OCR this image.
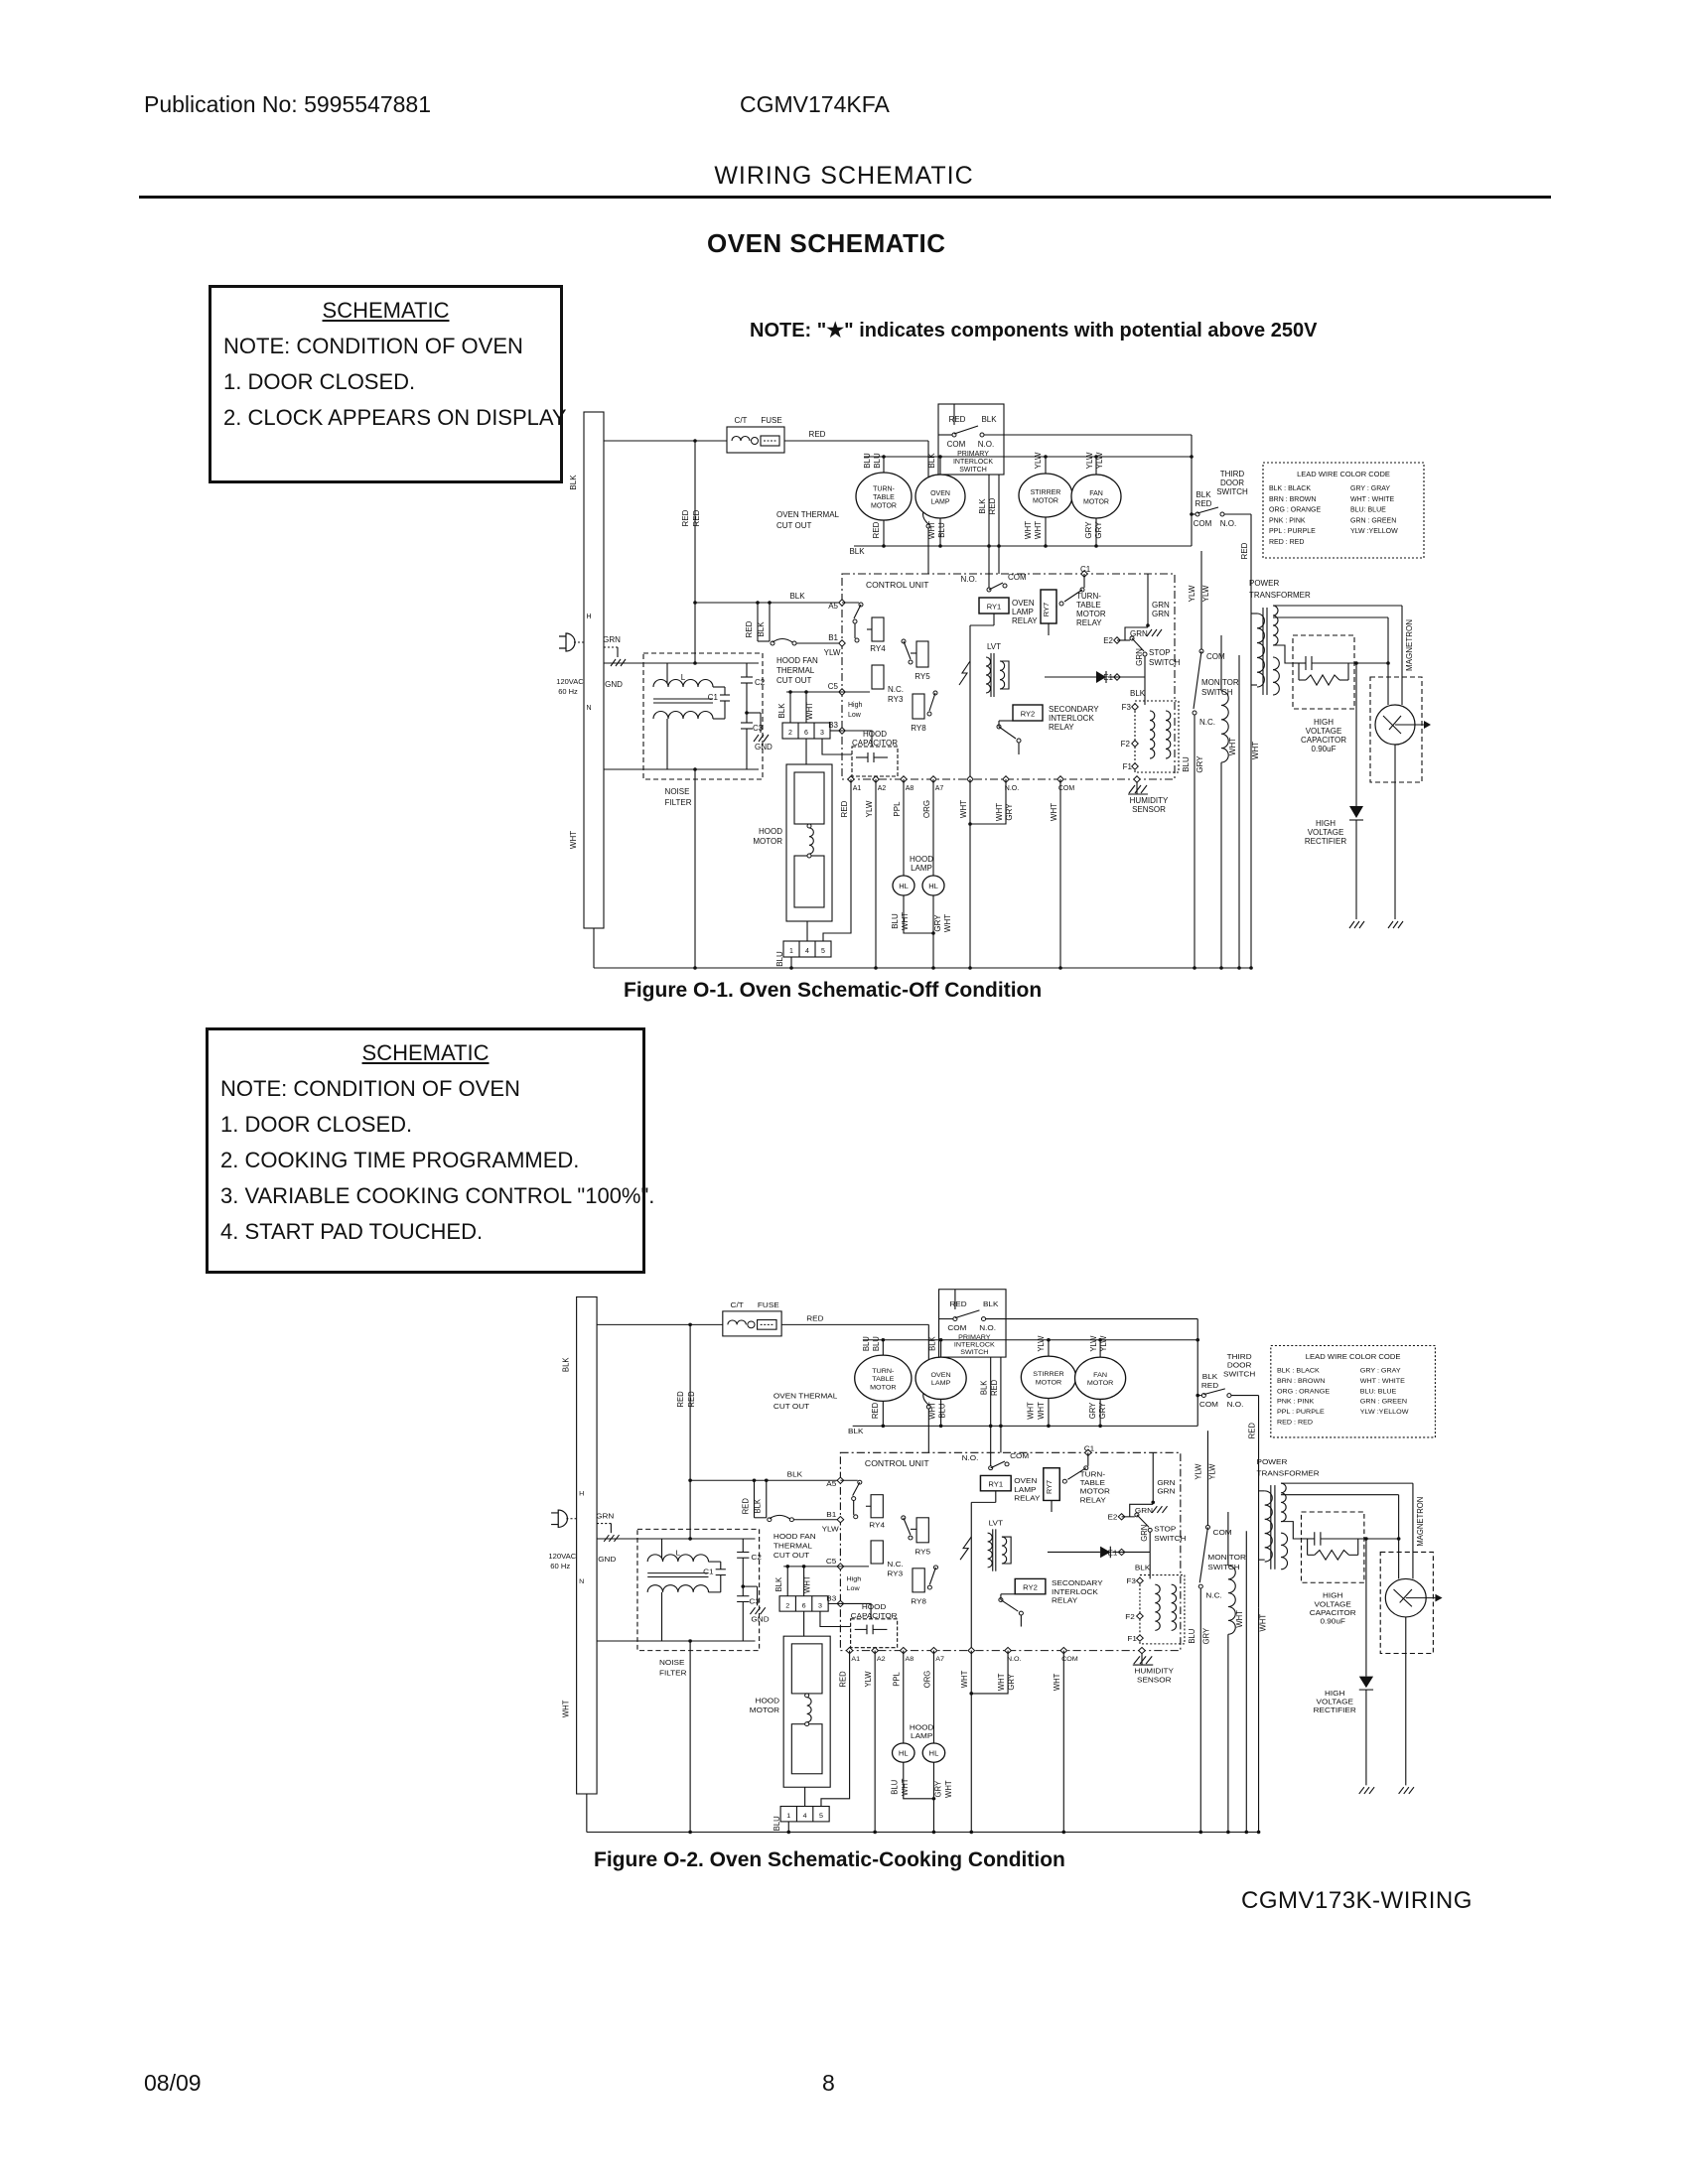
Publication No: 5995547881	CGMV174KFA
WIRING SCHEMATIC
OVEN SCHEMATIC
SCHEMATIC
NOTE: CONDITION OF OVEN
1. DOOR CLOSED.
2. CLOCK APPEARS ON DISPLAY
NOTE: "★" indicates components with potential above 250V
1 4 5
2 6 3
RY1
RY2
RY7
TURN-
TABLE
MOTOR
OVEN
LAMP
STIRRER
MOTOR
FAN
MOTOR
HL	HL
LEAD WIRE COLOR CODE
BLK : BLACK
BRN : BROWN
ORG : ORANGE
PNK : PINK
PPL : PURPLE
RED : RED
GRY : GRAY
WHT : WHITE
BLU: BLUE
GRN : GREEN
YLW :YELLOW
C/T FUSE
RED
OVEN THERMAL
CUT OUT
RED RED
BLK
WHT
H
N
120VAC
60 Hz
GRN
GND
NOISE
FILTER
L
C1
C2
C3
GND
BLU BLU
RED
BLK
WHT BLU
RED BLK
COM N.O.
PRIMARY
INTERLOCK
SWITCH
BLK RED
YLW
WHT WHT
YLW YLW
GRY GRY
BLK
THIRD
DOOR
SWITCH
BLK
RED
COM N.O.
RED
YLW YLW
POWER
TRANSFORMER
MAGNETRON
HIGH
VOLTAGE
CAPACITOR
0.90uF
HIGH
VOLTAGE
RECTIFIER
COM
MONITOR
SWITCH
N.C.
BLU GRY
WHT WHT
CONTROL UNIT
BLK
A5
RED BLK
B1
YLW
HOOD FAN
THERMAL
CUT OUT
C5
BLK WHT	High
Low
B3
HOOD
CAPACITOR
RY4
RY5
N.C.
RY3
RY8
N.O.	COM
OVEN
LAMP
RELAY
C1
TURN-
TABLE
MOTOR
RELAY
GRN
GRN
GRN
GRN
E2
STOP
SWITCH
E1
BLK
LVT
SECONDARY
INTERLOCK
RELAY
F3
F2
F1
HUMIDITY
SENSOR
A1 A2	A8	A7	N.O.	COM
RED YLW PPL	ORG	WHT	WHT GRY	WHT
HOOD
MOTOR
HOOD
LAMP
BLU WHT	GRY WHT
BLU
Figure O-1. Oven Schematic-Off Condition
SCHEMATIC
NOTE: CONDITION OF OVEN
1. DOOR CLOSED.
2. COOKING TIME PROGRAMMED.
3. VARIABLE COOKING CONTROL "100%".
4. START PAD TOUCHED.
1 4 5
2 6 3
RY1
RY2
RY7
TURN-
TABLE
MOTOR
OVEN
LAMP
STIRRER
MOTOR
FAN
MOTOR
HL	HL
LEAD WIRE COLOR CODE
BLK : BLACK
BRN : BROWN
ORG : ORANGE
PNK : PINK
PPL : PURPLE
RED : RED
GRY : GRAY
WHT : WHITE
BLU: BLUE
GRN : GREEN
YLW :YELLOW
C/T FUSE
RED
OVEN THERMAL
CUT OUT
RED RED
BLK
WHT
H
N
120VAC
60 Hz
GRN
GND
NOISE
FILTER
L
C1
C2
C3
GND
BLU BLU
RED
BLK
WHT BLU
RED BLK
COM N.O.
PRIMARY
INTERLOCK
SWITCH
BLK RED
YLW
WHT WHT
YLW YLW
GRY GRY
BLK
THIRD
DOOR
SWITCH
BLK
RED
COM N.O.
RED
YLW YLW
POWER
TRANSFORMER
MAGNETRON
HIGH
VOLTAGE
CAPACITOR
0.90uF
HIGH
VOLTAGE
RECTIFIER
COM
MONITOR
SWITCH
N.C.
BLU GRY
WHT WHT
CONTROL UNIT
BLK
A5
RED BLK
B1
YLW
HOOD FAN
THERMAL
CUT OUT
C5
BLK WHT	High
Low
B3
HOOD
CAPACITOR
RY4
RY5
N.C.
RY3
RY8
N.O.	COM
OVEN
LAMP
RELAY
C1
TURN-
TABLE
MOTOR
RELAY
GRN
GRN
GRN
GRN
E2
STOP
SWITCH
E1
BLK
LVT
SECONDARY
INTERLOCK
RELAY
F3
F2
F1
HUMIDITY
SENSOR
A1 A2	A8	A7	N.O.	COM
RED YLW PPL	ORG	WHT	WHT GRY	WHT
HOOD
MOTOR
HOOD
LAMP
BLU WHT	GRY WHT
BLU
Figure O-2. Oven Schematic-Cooking Condition
CGMV173K-WIRING
08/09	8
